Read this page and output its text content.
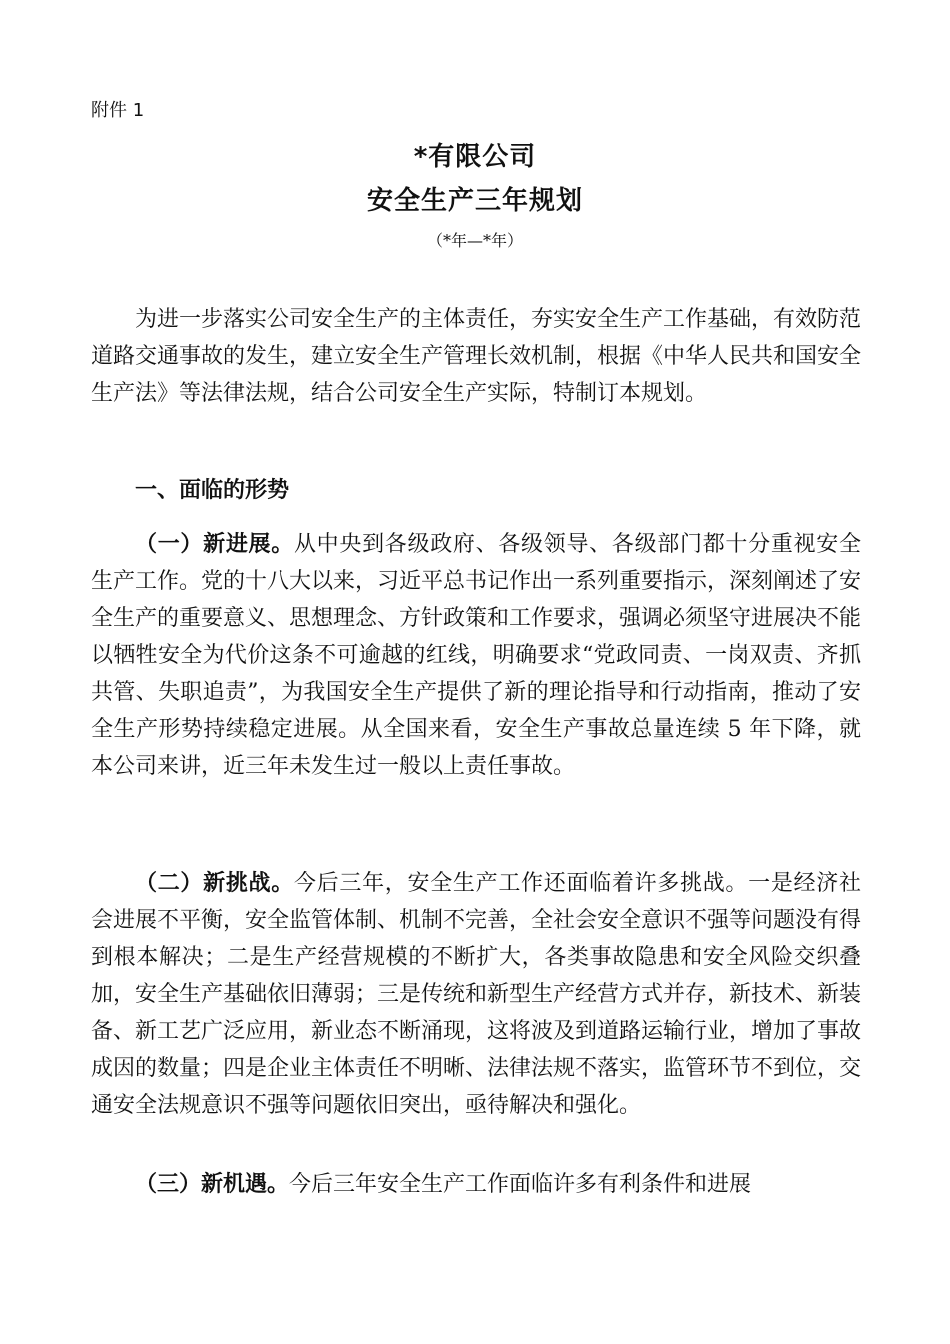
附件 1
*有限公司
安全生产三年规划
（*年—*年）
为进一步落实公司安全生产的主体责任，夯实安全生产工作基础，有效防范道路交通事故的发生，建立安全生产管理长效机制，根据《中华人民共和国安全生产法》等法律法规，结合公司安全生产实际，特制订本规划。
一、面临的形势
（一）新进展。从中央到各级政府、各级领导、各级部门都十分重视安全生产工作。党的十八大以来，习近平总书记作出一系列重要指示，深刻阐述了安全生产的重要意义、思想理念、方针政策和工作要求，强调必须坚守进展决不能以牺牲安全为代价这条不可逾越的红线，明确要求“党政同责、一岗双责、齐抓共管、失职追责”，为我国安全生产提供了新的理论指导和行动指南，推动了安全生产形势持续稳定进展。从全国来看，安全生产事故总量连续 5 年下降，就本公司来讲，近三年未发生过一般以上责任事故。
（二）新挑战。今后三年，安全生产工作还面临着许多挑战。一是经济社会进展不平衡，安全监管体制、机制不完善，全社会安全意识不强等问题没有得到根本解决；二是生产经营规模的不断扩大，各类事故隐患和安全风险交织叠加，安全生产基础依旧薄弱；三是传统和新型生产经营方式并存，新技术、新装备、新工艺广泛应用，新业态不断涌现，这将波及到道路运输行业，增加了事故成因的数量；四是企业主体责任不明晰、法律法规不落实，监管环节不到位，交通安全法规意识不强等问题依旧突出，亟待解决和强化。
（三）新机遇。今后三年安全生产工作面临许多有利条件和进展
